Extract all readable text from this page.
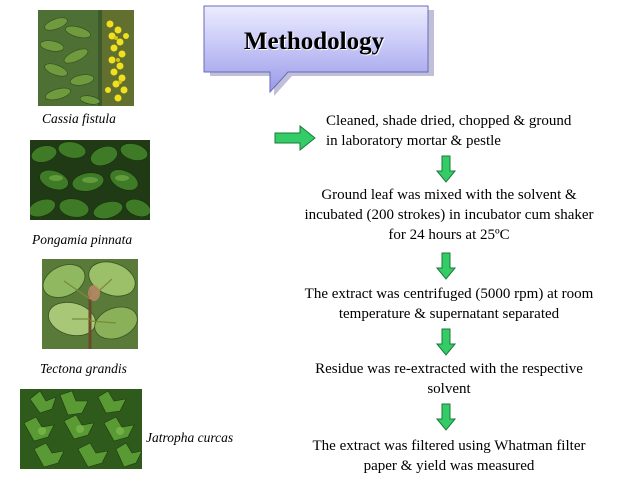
Methodology
Cassia fistula
Pongamia pinnata
Tectona grandis
Jatropha curcas
Cleaned, shade dried, chopped & ground
in laboratory mortar & pestle
Ground leaf was mixed with the solvent &
incubated (200 strokes) in incubator cum shaker
for 24 hours at 25ºC
The extract was centrifuged (5000 rpm) at room
temperature & supernatant separated
Residue was re-extracted with the respective
solvent
The extract was filtered using Whatman filter
paper & yield was measured
